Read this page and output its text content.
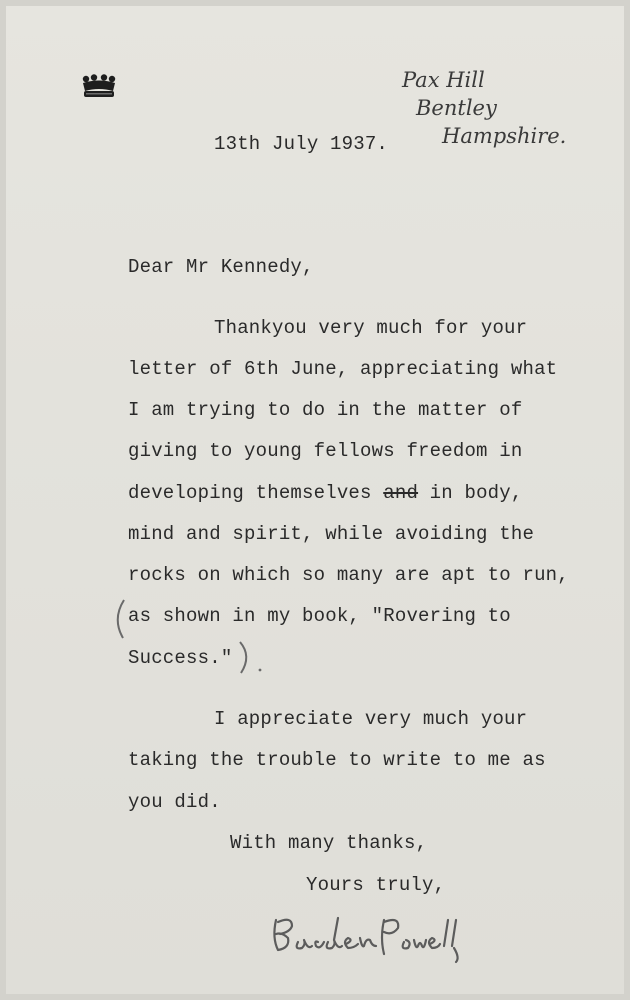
Pax Hill
Bentley
Hampshire.
13th July 1937.
Dear Mr Kennedy,
Thankyou very much for your
letter of 6th June, appreciating what
I am trying to do in the matter of
giving to young fellows freedom in
developing themselves and in body,
mind and spirit, while avoiding the
rocks on which so many are apt to run,
as shown in my book, "Rovering to
Success."
I appreciate very much your
taking the trouble to write to me as
you did.
With many thanks,
Yours truly,
